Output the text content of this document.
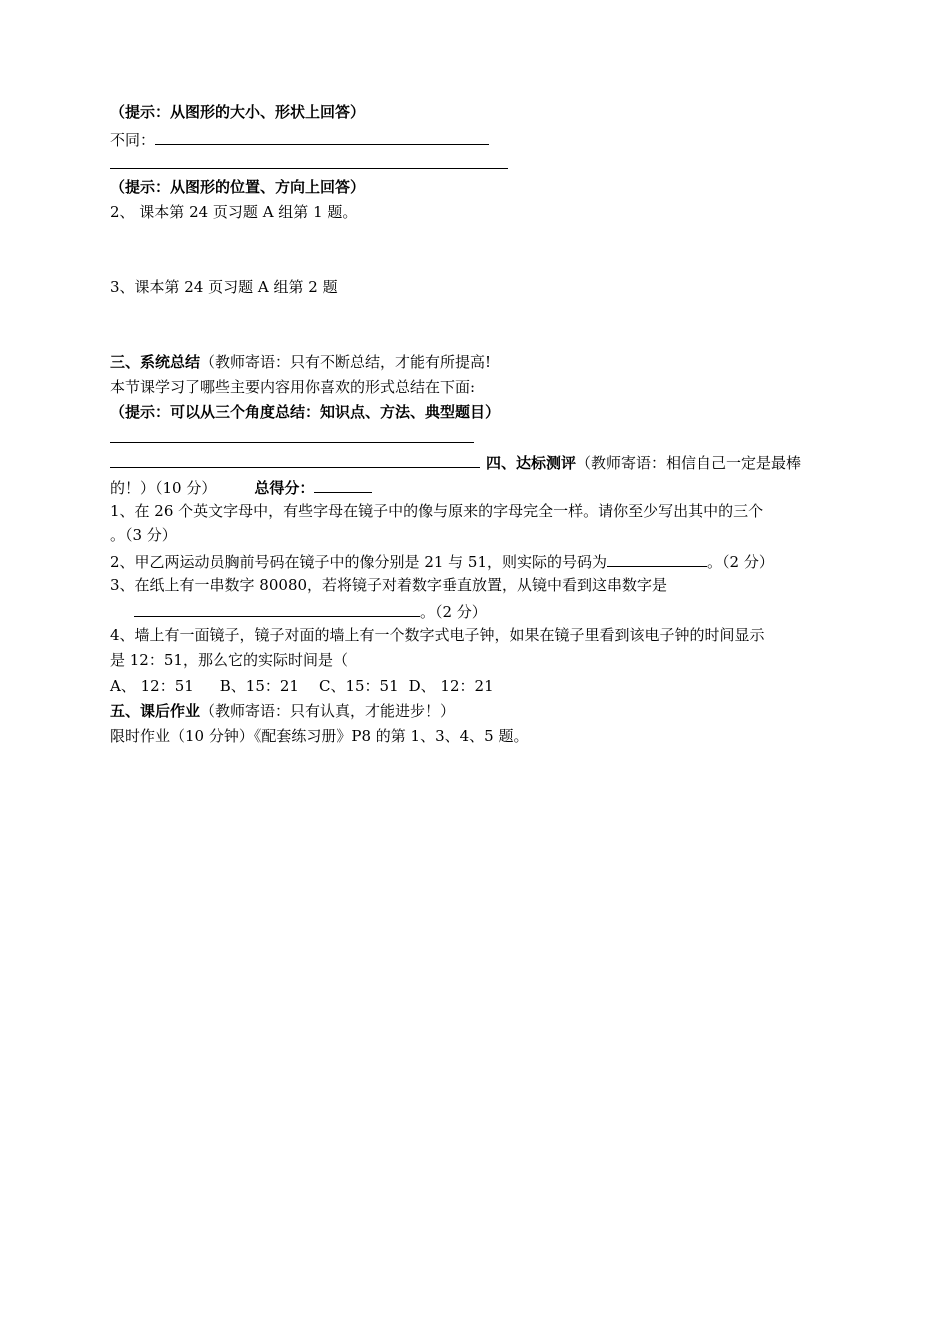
（提示：从图形的大小、形状上回答）
不同：
（提示：从图形的位置、方向上回答）
2、 课本第 24 页习题 A 组第 1 题。
3、课本第 24 页习题 A 组第 2 题
三、系统总结（教师寄语：只有不断总结，才能有所提高!
本节课学习了哪些主要内容用你喜欢的形式总结在下面:
（提示：可以从三个角度总结：知识点、方法、典型题目）
四、达标测评（教师寄语：相信自己一定是最棒
的！）（10 分）	总得分：
1、在 26 个英文字母中，有些字母在镜子中的像与原来的字母完全一样。请你至少写出其中的三个
。（3 分）
2、甲乙两运动员胸前号码在镜子中的像分别是 21 与 51，则实际的号码为	。（2 分）
3、在纸上有一串数字 80080，若将镜子对着数字垂直放置，从镜中看到这串数字是
。（2 分）
4、墙上有一面镜子，镜子对面的墙上有一个数字式电子钟，如果在镜子里看到该电子钟的时间显示
是 12：51，那么它的实际时间是（
A、 12：51 B、15：21 C、15：51 D、 12：21
五、课后作业（教师寄语：只有认真，才能进步！）
限时作业（10 分钟）《配套练习册》P8 的第 1、3、4、5 题。
